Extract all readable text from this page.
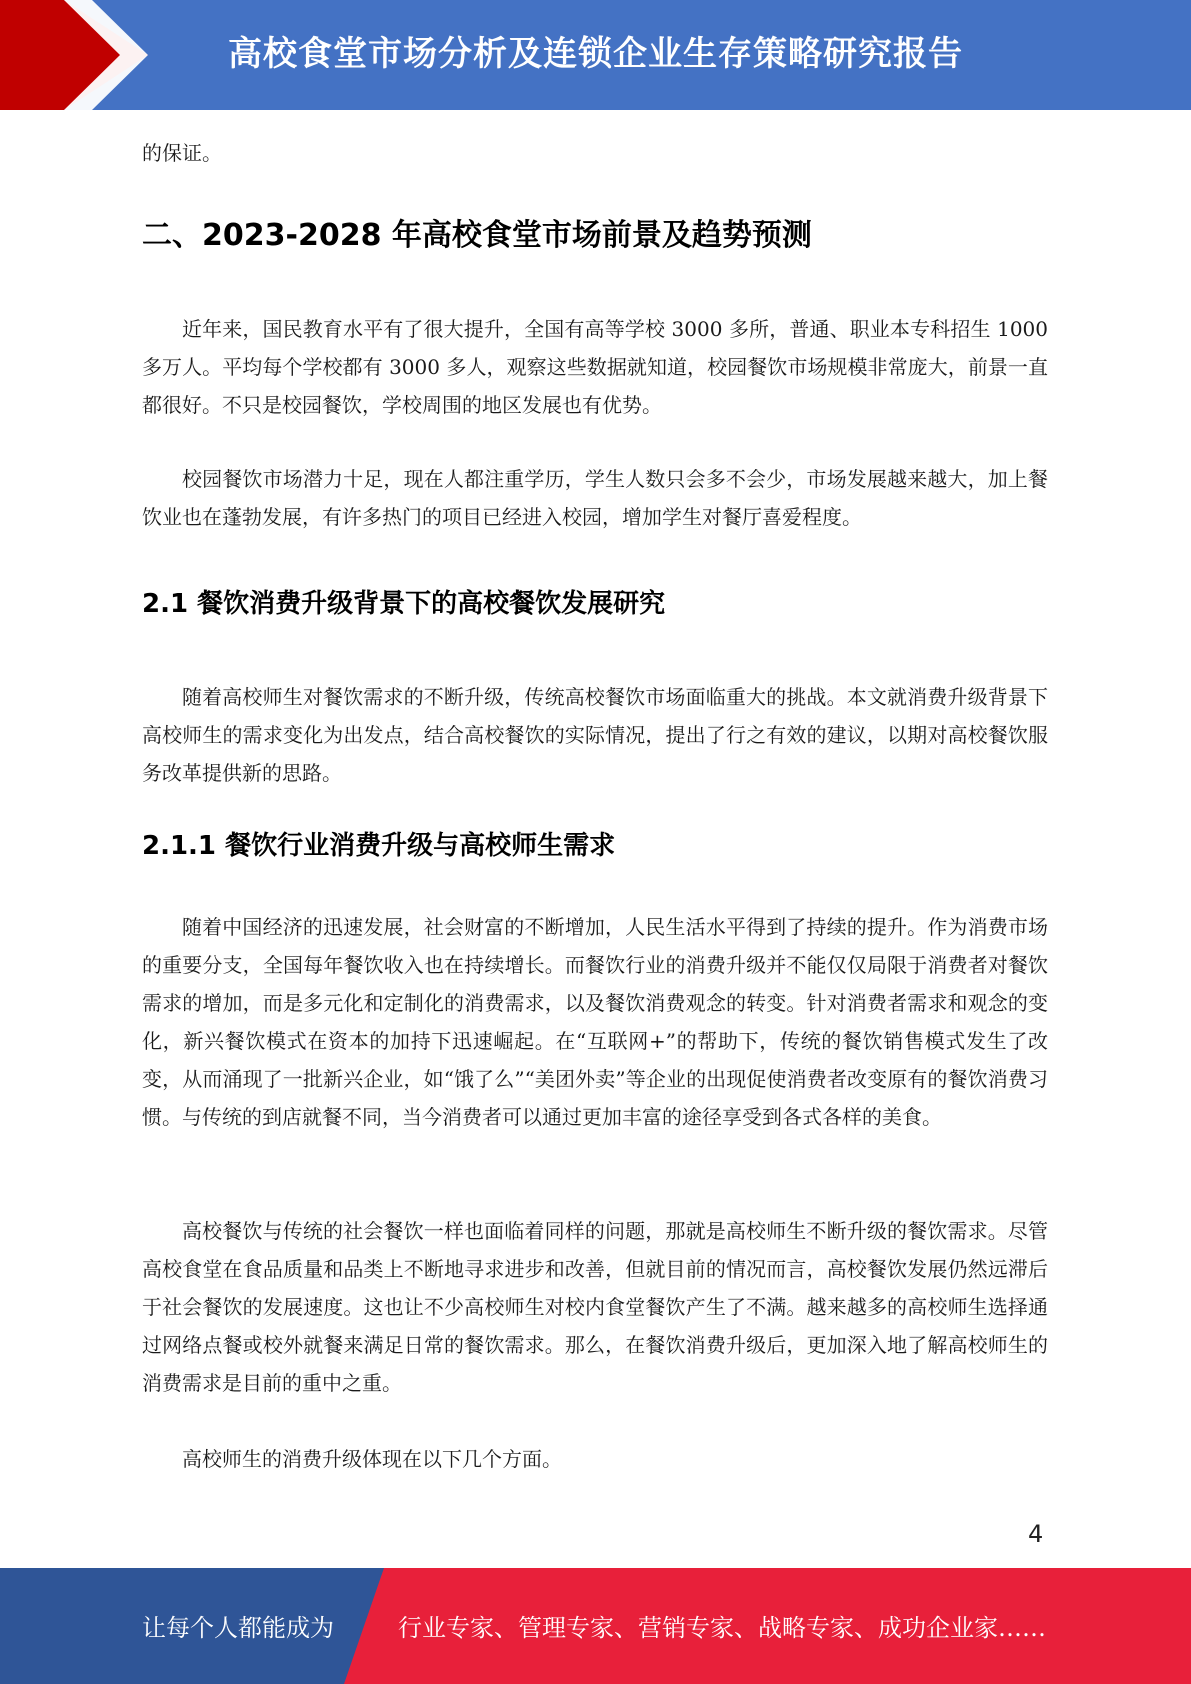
高校食堂市场分析及连锁企业生存策略研究报告

的保证。

二、2023-2028 年高校食堂市场前景及趋势预测

近年来，国民教育水平有了很大提升，全国有高等学校 3000 多所，普通、职业本专科招生 1000 多万人。平均每个学校都有 3000 多人，观察这些数据就知道，校园餐饮市场规模非常庞大，前景一直都很好。不只是校园餐饮，学校周围的地区发展也有优势。

校园餐饮市场潜力十足，现在人都注重学历，学生人数只会多不会少，市场发展越来越大，加上餐饮业也在蓬勃发展，有许多热门的项目已经进入校园，增加学生对餐厅喜爱程度。

2.1 餐饮消费升级背景下的高校餐饮发展研究

随着高校师生对餐饮需求的不断升级，传统高校餐饮市场面临重大的挑战。本文就消费升级背景下高校师生的需求变化为出发点，结合高校餐饮的实际情况，提出了行之有效的建议，以期对高校餐饮服务改革提供新的思路。

2.1.1 餐饮行业消费升级与高校师生需求

随着中国经济的迅速发展，社会财富的不断增加，人民生活水平得到了持续的提升。作为消费市场的重要分支，全国每年餐饮收入也在持续增长。而餐饮行业的消费升级并不能仅仅局限于消费者对餐饮需求的增加，而是多元化和定制化的消费需求，以及餐饮消费观念的转变。针对消费者需求和观念的变化，新兴餐饮模式在资本的加持下迅速崛起。在“互联网+”的帮助下，传统的餐饮销售模式发生了改变，从而涌现了一批新兴企业，如“饿了么”“美团外卖”等企业的出现促使消费者改变原有的餐饮消费习惯。与传统的到店就餐不同，当今消费者可以通过更加丰富的途径享受到各式各样的美食。

高校餐饮与传统的社会餐饮一样也面临着同样的问题，那就是高校师生不断升级的餐饮需求。尽管高校食堂在食品质量和品类上不断地寻求进步和改善，但就目前的情况而言，高校餐饮发展仍然远滞后于社会餐饮的发展速度。这也让不少高校师生对校内食堂餐饮产生了不满。越来越多的高校师生选择通过网络点餐或校外就餐来满足日常的餐饮需求。那么，在餐饮消费升级后，更加深入地了解高校师生的消费需求是目前的重中之重。

高校师生的消费升级体现在以下几个方面。

4
让每个人都能成为	行业专家、管理专家、营销专家、战略专家、成功企业家……
